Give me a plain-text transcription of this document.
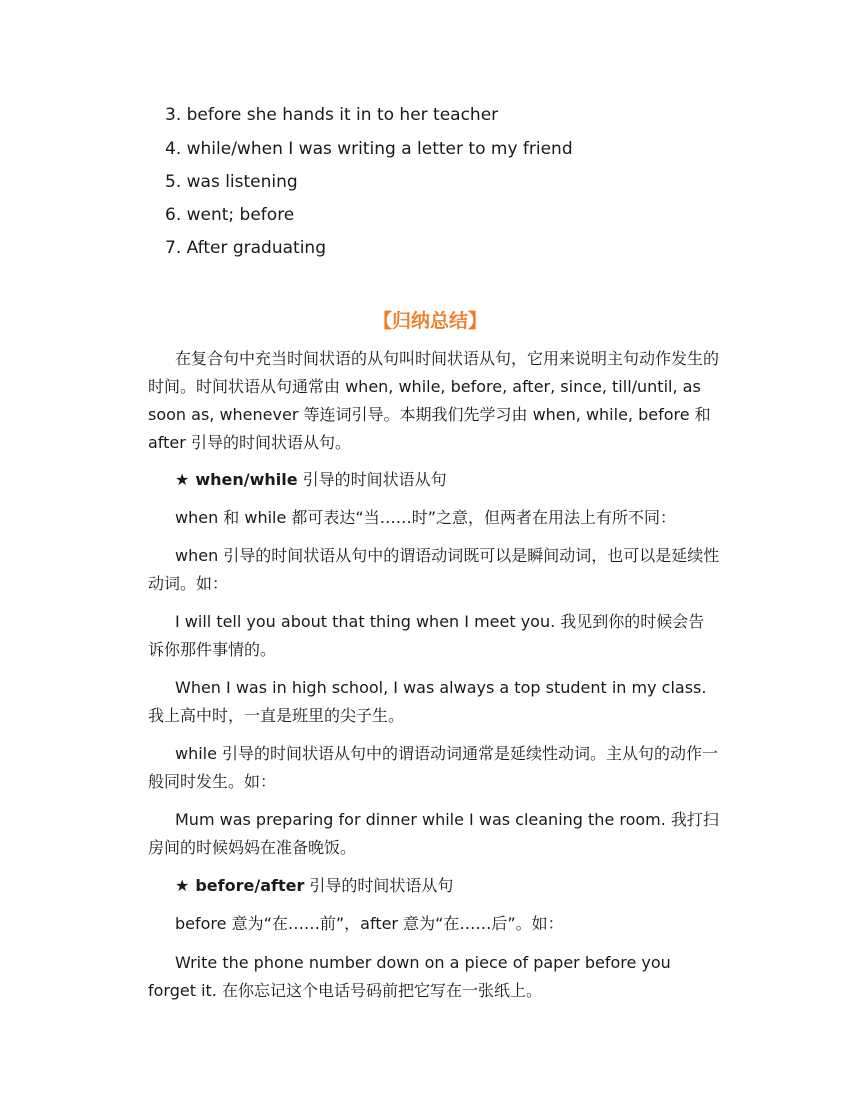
3. before she hands it in to her teacher
4. while/when I was writing a letter to my friend
5. was listening
6. went; before
7. After graduating
【归纳总结】

在复合句中充当时间状语的从句叫时间状语从句，它用来说明主句动作发生的时间。时间状语从句通常由 when, while, before, after, since, till/until, as soon as, whenever 等连词引导。本期我们先学习由 when, while, before 和 after 引导的时间状语从句。

★ when/while 引导的时间状语从句

when 和 while 都可表达“当……时”之意，但两者在用法上有所不同：

when 引导的时间状语从句中的谓语动词既可以是瞬间动词，也可以是延续性动词。如：

I will tell you about that thing when I meet you. 我见到你的时候会告诉你那件事情的。

When I was in high school, I was always a top student in my class. 我上高中时，一直是班里的尖子生。

while 引导的时间状语从句中的谓语动词通常是延续性动词。主从句的动作一般同时发生。如：

Mum was preparing for dinner while I was cleaning the room. 我打扫房间的时候妈妈在准备晚饭。

★ before/after 引导的时间状语从句

before 意为“在……前”，after 意为“在……后”。如：

Write the phone number down on a piece of paper before you forget it. 在你忘记这个电话号码前把它写在一张纸上。
